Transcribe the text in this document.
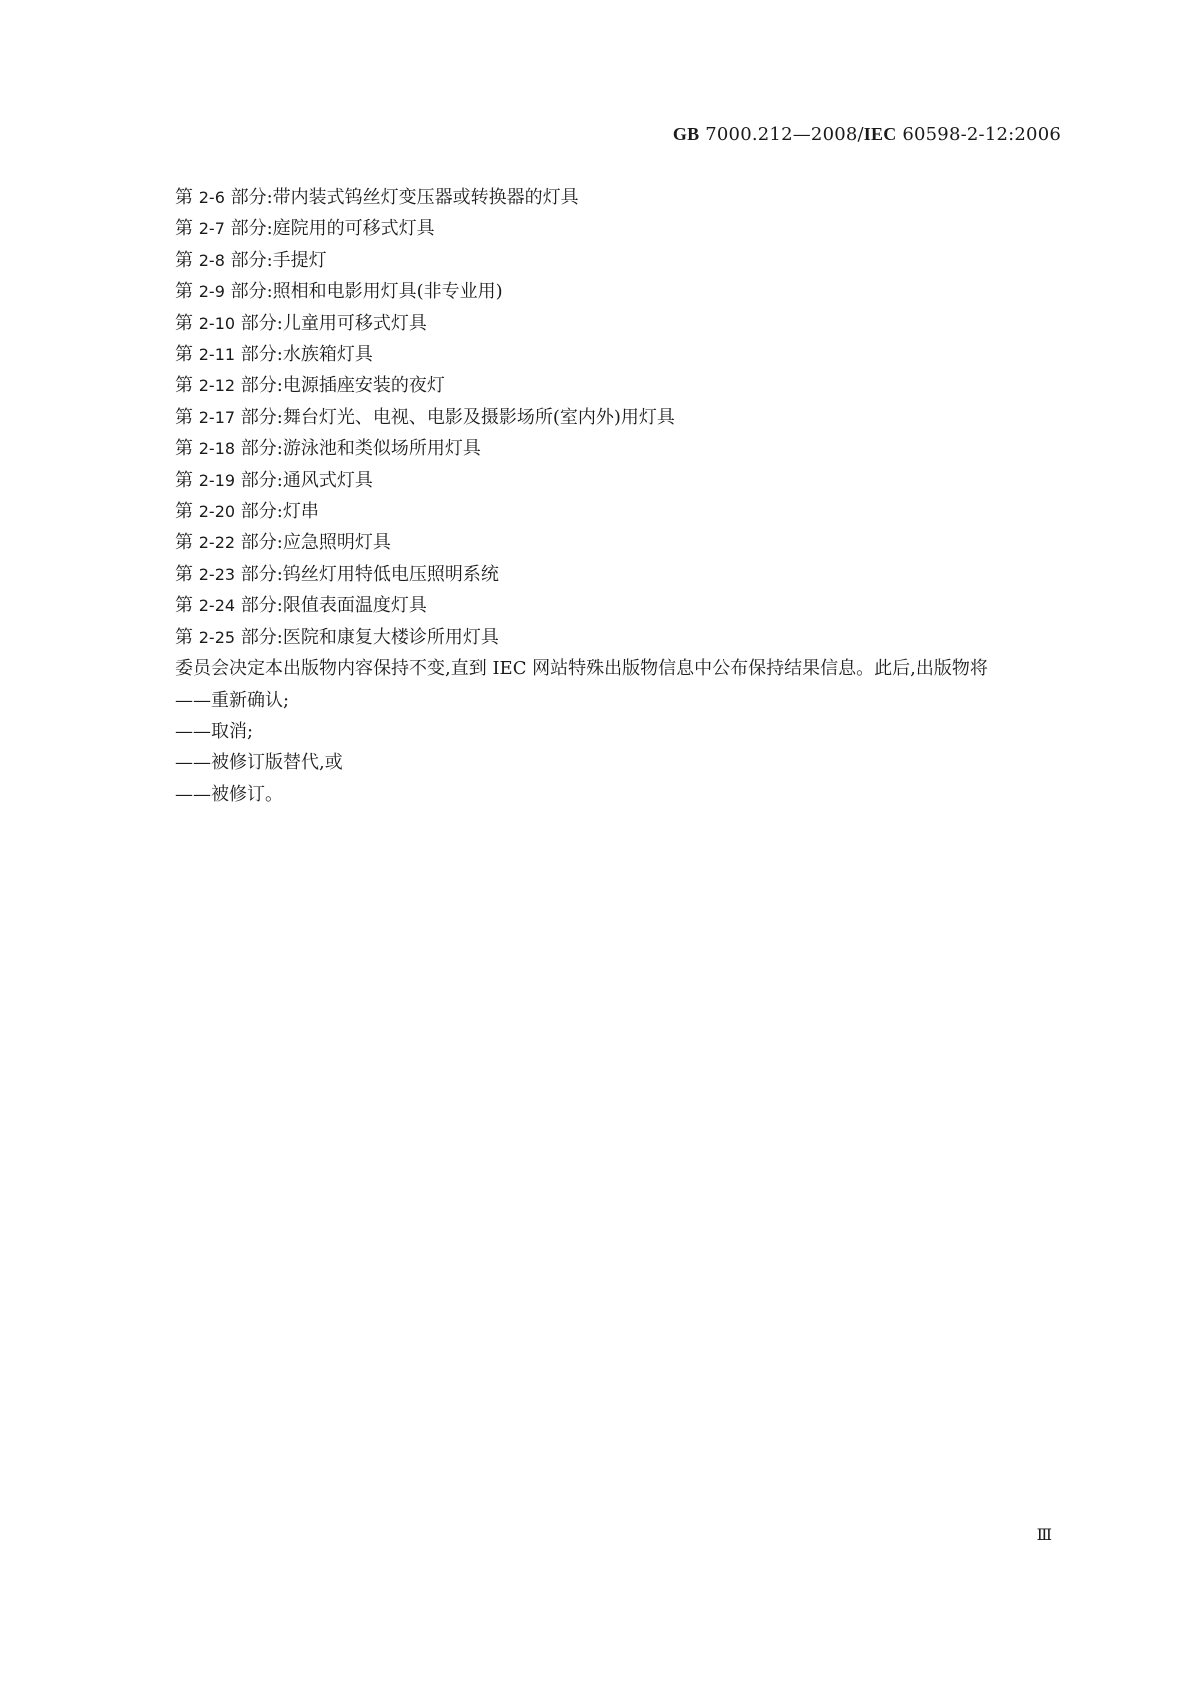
GB 7000.212—2008/IEC 60598-2-12:2006
第 2-6 部分:带内装式钨丝灯变压器或转换器的灯具
第 2-7 部分:庭院用的可移式灯具
第 2-8 部分:手提灯
第 2-9 部分:照相和电影用灯具(非专业用)
第 2-10 部分:儿童用可移式灯具
第 2-11 部分:水族箱灯具
第 2-12 部分:电源插座安装的夜灯
第 2-17 部分:舞台灯光、电视、电影及摄影场所(室内外)用灯具
第 2-18 部分:游泳池和类似场所用灯具
第 2-19 部分:通风式灯具
第 2-20 部分:灯串
第 2-22 部分:应急照明灯具
第 2-23 部分:钨丝灯用特低电压照明系统
第 2-24 部分:限值表面温度灯具
第 2-25 部分:医院和康复大楼诊所用灯具

委员会决定本出版物内容保持不变,直到 IEC 网站特殊出版物信息中公布保持结果信息。此后,出版物将

——重新确认;
——取消;
——被修订版替代,或
——被修订。
Ⅲ
